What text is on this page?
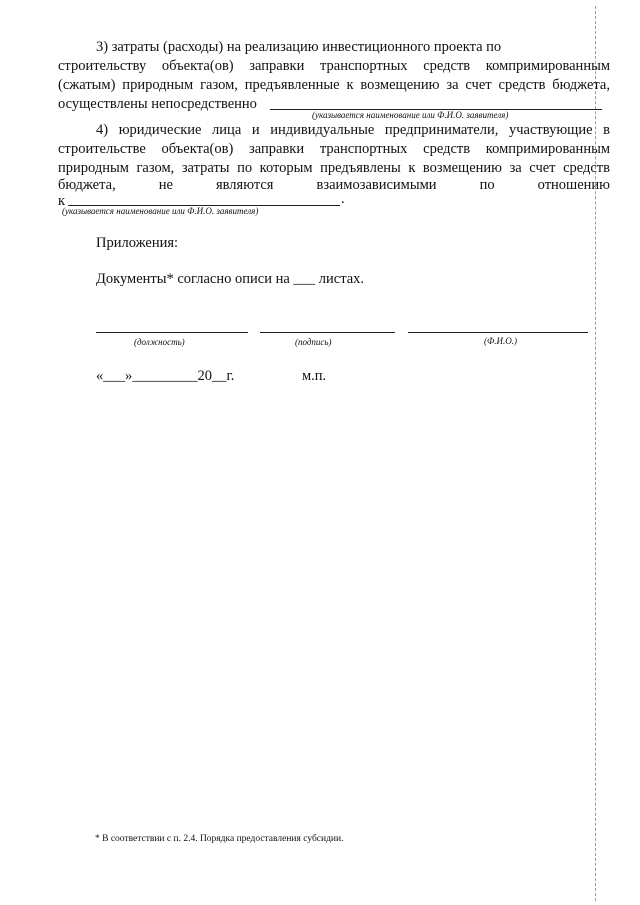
3) затраты (расходы) на реализацию инвестиционного проекта по
строительству объекта(ов) заправки транспортных средств компримированным
(сжатым) природным газом, предъявленные к возмещению за счет средств бюджета,
осуществлены непосредственно
(указывается наименование или Ф.И.О. заявителя)
4) юридические лица и индивидуальные предприниматели, участвующие в
строительстве объекта(ов) заправки транспортных средств компримированным
природным газом, затраты по которым предъявлены к возмещению за счет средств
бюджета, не являются взаимозависимыми по отношению
к	.
(указывается наименование или Ф.И.О. заявителя)
Приложения:
Документы* согласно описи на ___ листах.
(должность)	(подпись)	(Ф.И.О.)
«___»_________20__г.	м.п.
* В соответствии с п. 2.4. Порядка предоставления субсидии.
